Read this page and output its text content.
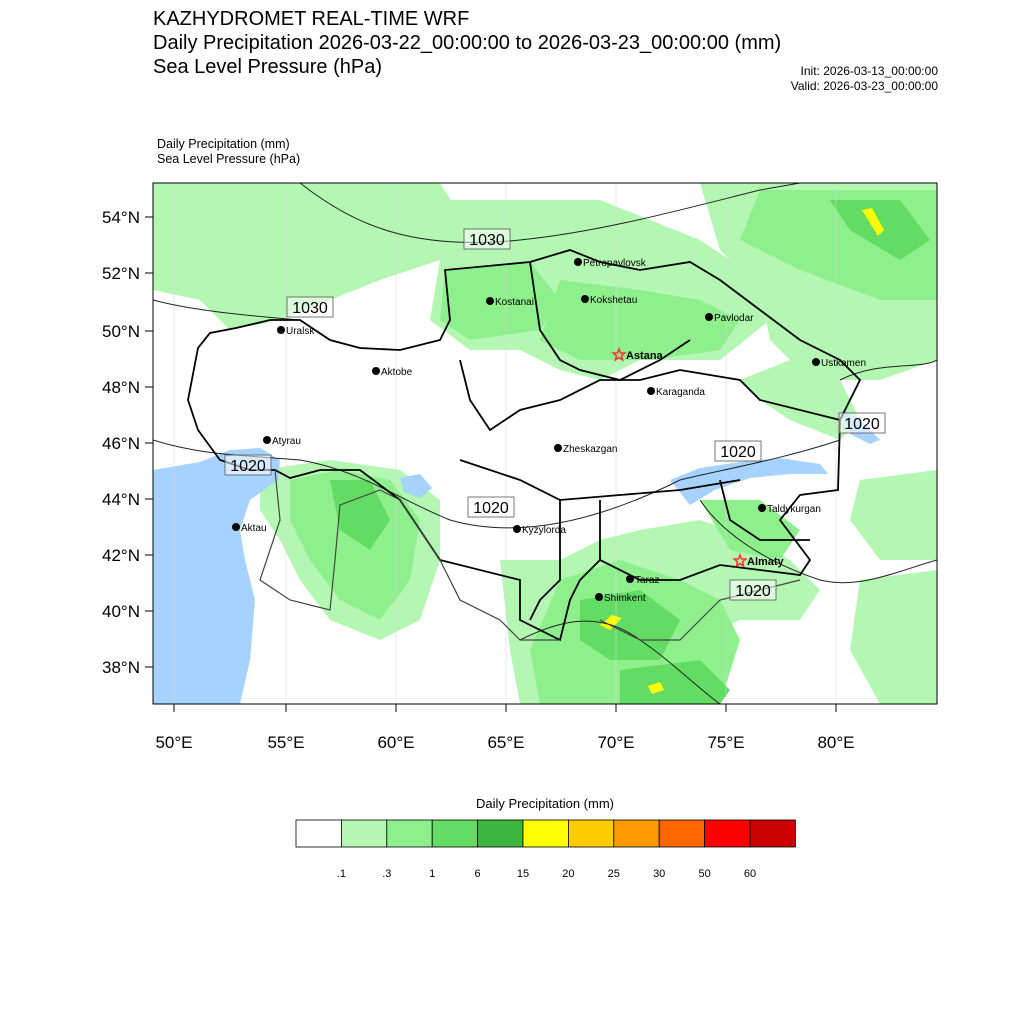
KAZHYDROMET REAL-TIME WRF
Daily Precipitation 2026-03-22_00:00:00 to 2026-03-23_00:00:00 (mm)
Sea Level Pressure (hPa)	Init: 2026-03-13_00:00:00
Valid: 2026-03-23_00:00:00
Daily Precipitation (mm)
Sea Level Pressure (hPa)
54°N
52°N
50°N
48°N
46°N
44°N
42°N
40°N
38°N
50°E	55°E	60°E	65°E	70°E	75°E	80°E
Petropavlovsk
Kostanai	Kokshetau
Pavlodar
Uralsk
Astana
Aktobe
Ustkamen
Karaganda
Atyrau
Zheskazgan
Taldykurgan
Kyzylorda
Aktau
Almaty
Taraz
Shimkent
1030
1030
1020
1020
1020
1020
1020
.1	.3	1	6	15	20	25	30	50	60
Daily Precipitation (mm)
